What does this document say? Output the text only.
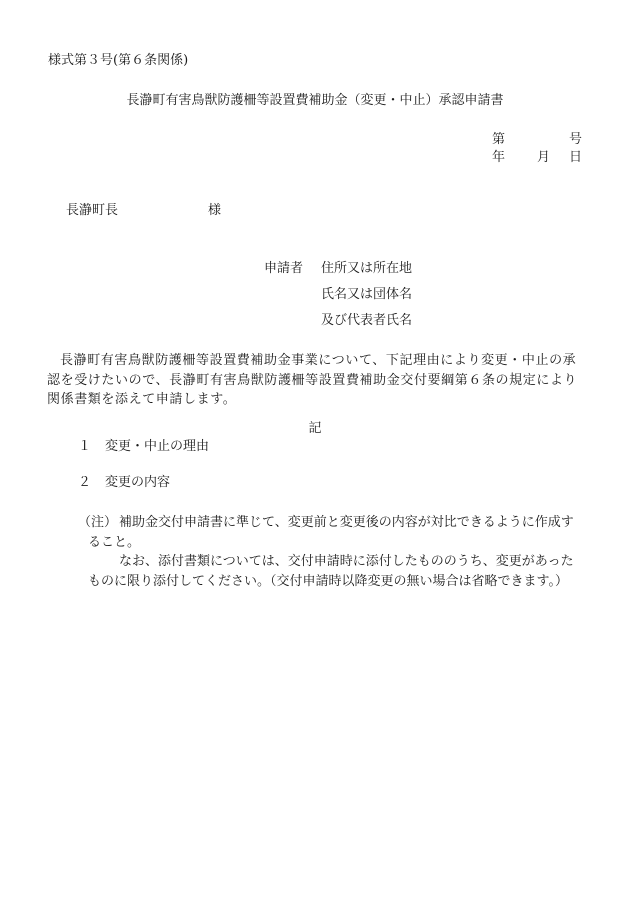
様式第３号(第６条関係)
長瀞町有害鳥獣防護柵等設置費補助金（変更・中止）承認申請書
第	号
年 月 日
長瀞町長	様
申請者 住所又は所在地
氏名又は団体名
及び代表者氏名
長瀞町有害鳥獣防護柵等設置費補助金事業について、下記理由により変更・中止の承認を受けたいので、長瀞町有害鳥獣防護柵等設置費補助金交付要綱第６条の規定により関係書類を添えて申請します。
記
１ 変更・中止の理由
２ 変更の内容
（注） 補助金交付申請書に準じて、変更前と変更後の内容が対比できるように作成すること。

なお、添付書類については、交付申請時に添付したもののうち、変更があったものに限り添付してください。（交付申請時以降変更の無い場合は省略できます。）
